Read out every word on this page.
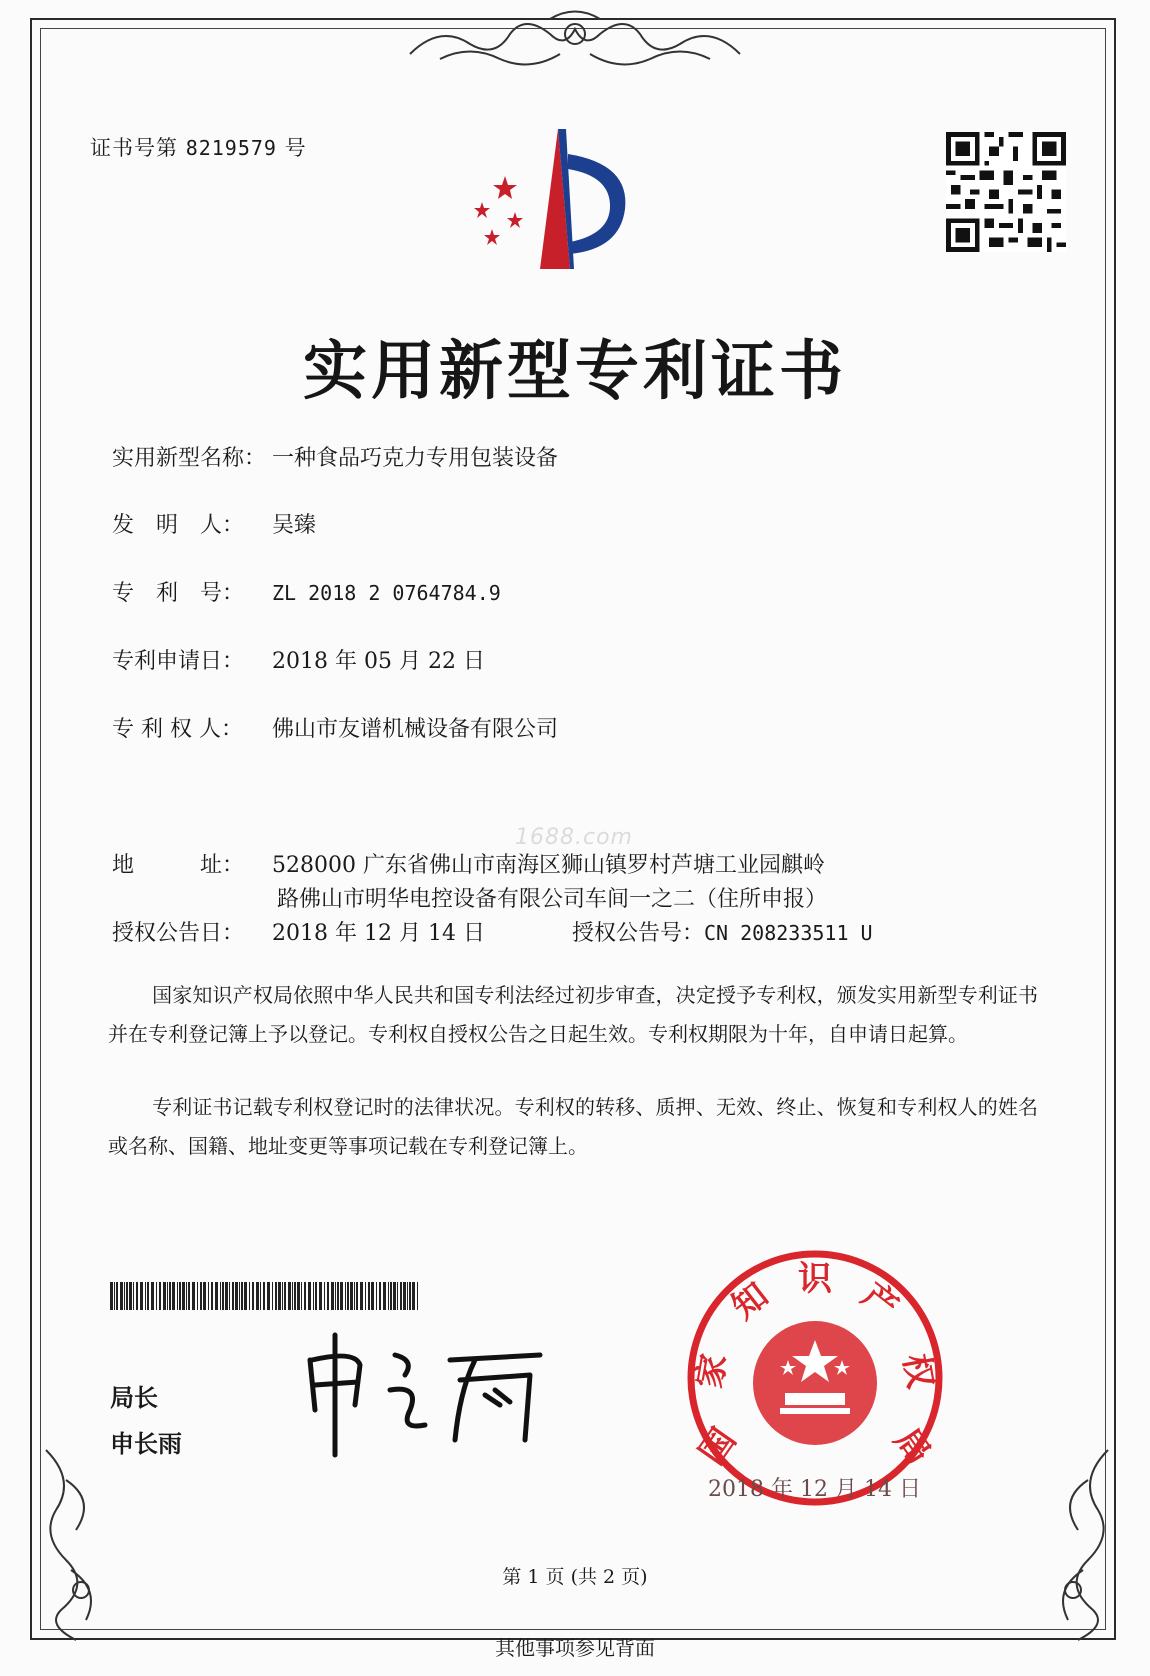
证书号第 8219579 号
实用新型专利证书
实用新型名称： 一种食品巧克力专用包装设备
发　明　人： 吴臻
专　利　号： ZL 2018 2 0764784.9
专利申请日： 2018 年 05 月 22 日
专 利 权 人： 佛山市友谱机械设备有限公司
地　　　址： 528000 广东省佛山市南海区狮山镇罗村芦塘工业园麒岭
路佛山市明华电控设备有限公司车间一之二（住所申报）
授权公告日： 2018 年 12 月 14 日	授权公告号：CN 208233511 U
1688.com
国家知识产权局依照中华人民共和国专利法经过初步审查，决定授予专利权，颁发实用新型专利证书并在专利登记簿上予以登记。专利权自授权公告之日起生效。专利权期限为十年，自申请日起算。
专利证书记载专利权登记时的法律状况。专利权的转移、质押、无效、终止、恢复和专利权人的姓名或名称、国籍、地址变更等事项记载在专利登记簿上。
局长
申长雨	国
家
知 识 产
权
局
2018 年 12 月 14 日
第 1 页 (共 2 页)
其他事项参见背面
